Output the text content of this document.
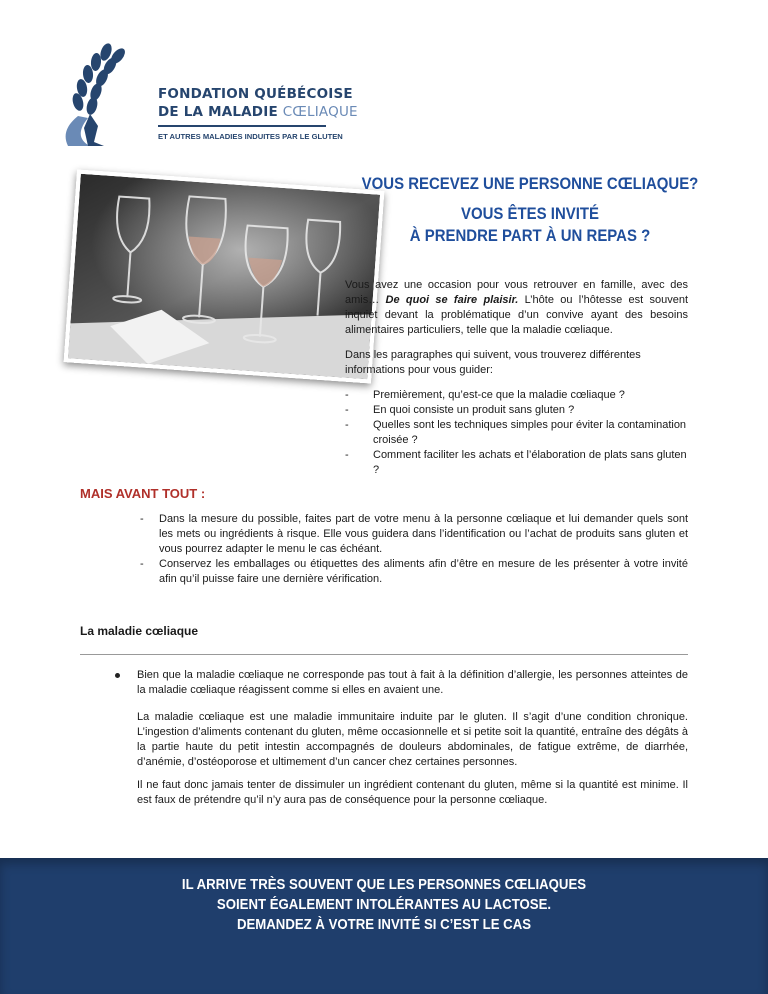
FONDATION QUÉBÉCOISE
DE LA MALADIE CŒLIAQUE
ET AUTRES MALADIES INDUITES PAR LE GLUTEN
VOUS RECEVEZ UNE PERSONNE CŒLIAQUE?
VOUS ÊTES INVITÉ
À PRENDRE PART À UN REPAS ?
Vous avez une occasion pour vous retrouver en famille, avec des amis… De quoi se faire plaisir. L’hôte ou l’hôtesse est souvent inquiet devant la problématique d’un convive ayant des besoins alimentaires particuliers, telle que la maladie cœliaque.
Dans les paragraphes qui suivent, vous trouverez différentes informations pour vous guider:
- Premièrement, qu’est-ce que la maladie cœliaque ?
- En quoi consiste un produit sans gluten ?
- Quelles sont les techniques simples pour éviter la contamination croisée ?
- Comment faciliter les achats et l’élaboration de plats sans gluten ?
MAIS AVANT TOUT :
- Dans la mesure du possible, faites part de votre menu à la personne cœliaque et lui demander quels sont les mets ou ingrédients à risque. Elle vous guidera dans l’identification ou l’achat de produits sans gluten et vous pourrez adapter le menu le cas échéant.
- Conservez les emballages ou étiquettes des aliments afin d’être en mesure de les présenter à votre invité afin qu’il puisse faire une dernière vérification.
La maladie cœliaque
Bien que la maladie cœliaque ne corresponde pas tout à fait à la définition d’allergie, les personnes atteintes de la maladie cœliaque réagissent comme si elles en avaient une.
La maladie cœliaque est une maladie immunitaire induite par le gluten. Il s’agit d’une condition chronique. L’ingestion d’aliments contenant du gluten, même occasionnelle et si petite soit la quantité, entraîne des dégâts à la partie haute du petit intestin accompagnés de douleurs abdominales, de fatigue extrême, de diarrhée, d’anémie, d’ostéoporose et ultimement d’un cancer chez certaines personnes.
Il ne faut donc jamais tenter de dissimuler un ingrédient contenant du gluten, même si la quantité est minime. Il est faux de prétendre qu’il n’y aura pas de conséquence pour la personne cœliaque.
IL ARRIVE TRÈS SOUVENT QUE LES PERSONNES CŒLIAQUES
SOIENT ÉGALEMENT INTOLÉRANTES AU LACTOSE.
DEMANDEZ À VOTRE INVITÉ SI C’EST LE CAS
